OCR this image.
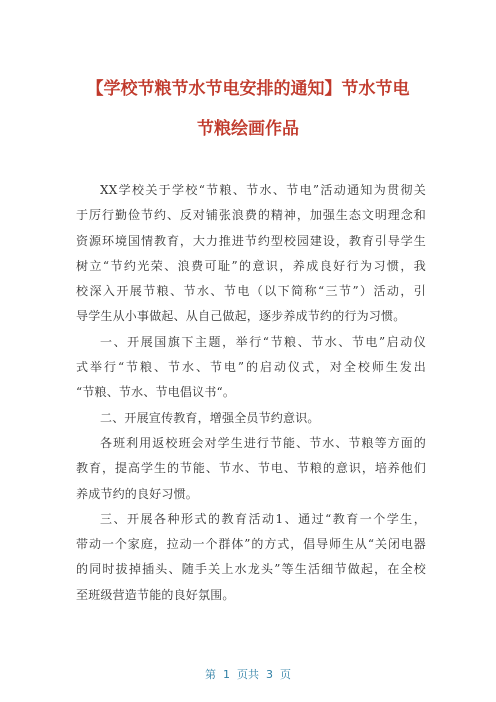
【学校节粮节水节电安排的通知】节水节电
节粮绘画作品
XX学校关于学校“节粮、节水、节电”活动通知为贯彻关
于厉行勤俭节约、反对铺张浪费的精神，加强生态文明理念和
资源环境国情教育，大力推进节约型校园建设，教育引导学生
树立“节约光荣、浪费可耻”的意识，养成良好行为习惯，我
校深入开展节粮、节水、节电（以下简称“三节”）活动，引
导学生从小事做起、从自己做起，逐步养成节约的行为习惯。
一、开展国旗下主题，举行“节粮、节水、节电”启动仪
式举行“节粮、节水、节电”的启动仪式，对全校师生发出
“节粮、节水、节电倡议书“。
二、开展宣传教育，增强全员节约意识。
各班利用返校班会对学生进行节能、节水、节粮等方面的
教育，提高学生的节能、节水、节电、节粮的意识，培养他们
养成节约的良好习惯。
三、开展各种形式的教育活动1、通过“教育一个学生，
带动一个家庭，拉动一个群体”的方式，倡导师生从“关闭电器
的同时拔掉插头、随手关上水龙头”等生活细节做起，在全校
至班级营造节能的良好氛围。
第  1  页共  3  页
